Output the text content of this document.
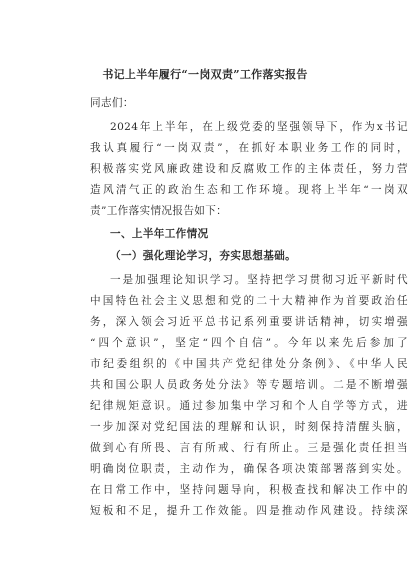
书记上半年履行“一岗双责”工作落实报告
同志们：
2024年上半年，在上级党委的坚强领导下，作为x书记
我认真履行“一岗双责”，在抓好本职业务工作的同时，
积极落实党风廉政建设和反腐败工作的主体责任，努力营
造风清气正的政治生态和工作环境。现将上半年“一岗双
责”工作落实情况报告如下：
一、上半年工作情况
（一）强化理论学习，夯实思想基础。
一是加强理论知识学习。坚持把学习贯彻习近平新时代
中国特色社会主义思想和党的二十大精神作为首要政治任
务，深入领会习近平总书记系列重要讲话精神，切实增强
“四个意识”，坚定“四个自信”。今年以来先后参加了
市纪委组织的《中国共产党纪律处分条例》、《中华人民
共和国公职人员政务处分法》等专题培训。二是不断增强
纪律规矩意识。通过参加集中学习和个人自学等方式，进
一步加深对党纪国法的理解和认识，时刻保持清醒头脑，
做到心有所畏、言有所戒、行有所止。三是强化责任担当
明确岗位职责，主动作为，确保各项决策部署落到实处。
在日常工作中，坚持问题导向，积极查找和解决工作中的
短板和不足，提升工作效能。四是推动作风建设。持续深
